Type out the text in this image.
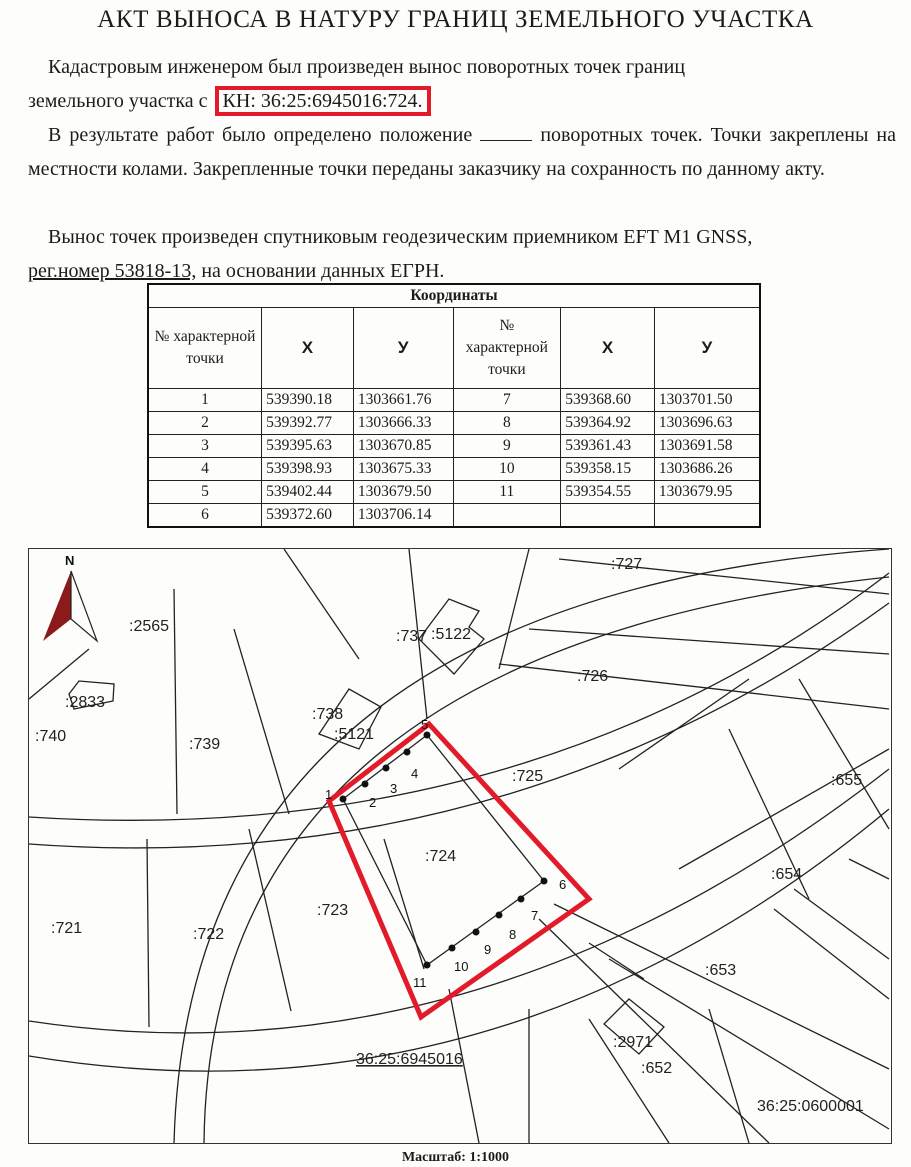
АКТ ВЫНОСА В НАТУРУ ГРАНИЦ ЗЕМЕЛЬНОГО УЧАСТКА

Кадастровым инженером был произведен вынос поворотных точек границ
земельного участка с КН: 36:25:6945016:724.

В результате работ было определено положение	поворотных точек. Точки закреплены на местности колами. Закрепленные точки переданы заказчику на сохранность по данному акту.

Вынос точек произведен спутниковым геодезическим приемником EFT M1 GNSS,
рег.номер 53818-13, на основании данных ЕГРН.

Координаты					
№ характерной точки	Х	У	№ характерной точки	Х	У
1	539390.18	1303661.76	7	539368.60	1303701.50
2	539392.77	1303666.33	8	539364.92	1303696.63
3	539395.63	1303670.85	9	539361.43	1303691.58
4	539398.93	1303675.33	10	539358.15	1303686.26
5	539402.44	1303679.50	11	539354.55	1303679.95
6	539372.60	1303706.14			
N
:2565
:727
:737 :5122
:726
:2833
:740	:739
:738
:5121
:725	:655
:724
:654
:721	:722
:723
:653
:2971
:652
36:25:6945016
36:25:0600001
1
2
3
4
5
6
7
8
9
10
11
Масштаб: 1:1000
